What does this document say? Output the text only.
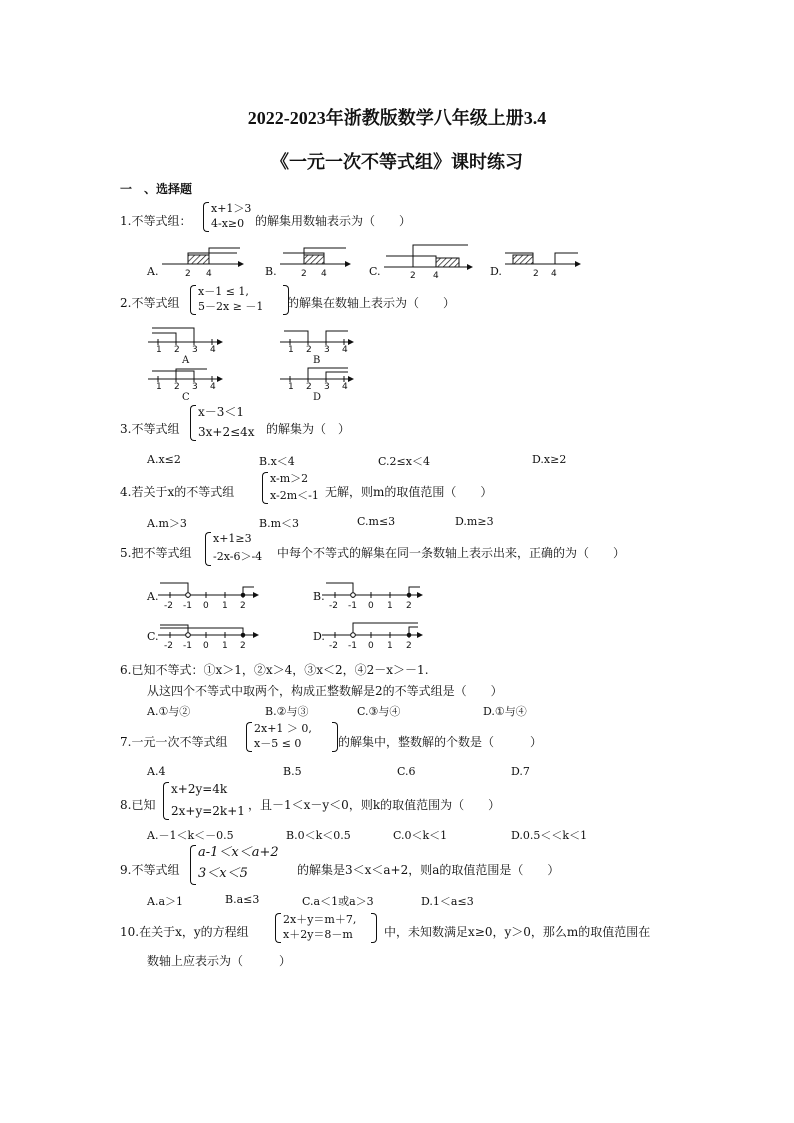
2022-2023年浙教版数学八年级上册3.4
《一元一次不等式组》课时练习
一　、选择题
1.不等式组：
x+1＞3
4-x≥0 的解集用数轴表示为（　　）
A.	B.	C.	D.
2 4	2 4	2 4	2 4
2.不等式组
x－1 ≤ 1,
5－2x ≥ －1 的解集在数轴上表示为（　　）
1 2 3 4
A
1 2 3 4
B
1 2 3 4
C
1 2 3 4
D
3.不等式组
x－3＜1
3x+2≤4x 的解集为（　）
A.x≤2	B.x＜4	C.2≤x＜4	D.x≥2
4.若关于x的不等式组
x-m＞2
x-2m＜-1 无解，则m的取值范围（　　）
A.m＞3	B.m＜3	C.m≤3	D.m≥3
5.把不等式组
x+1≥3
-2x-6＞-4 中每个不等式的解集在同一条数轴上表示出来，正确的为（　　）
A.	B.
C.	D.
-2 -1 0 1 2	-2 -1 0 1 2
-2 -1 0 1 2	-2 -1 0 1 2
6.已知不等式：①x＞1，②x＞4，③x＜2，④2－x＞－1.
从这四个不等式中取两个，构成正整数解是2的不等式组是（　　）
A.①与②	B.②与③	C.③与④	D.①与④
7.一元一次不等式组
2x+1 ＞ 0,
x－5 ≤ 0	的解集中，整数解的个数是（　　　）
A.4	B.5	C.6	D.7
8.已知
x+2y=4k
2x+y=2k+1 ，且－1＜x－y＜0，则k的取值范围为（　　）
A.－1＜k＜－0.5	B.0＜k＜0.5	C.0＜k＜1	D.0.5＜＜k＜1
9.不等式组
a-1＜x＜a+2
3＜x＜5	的解集是3＜x＜a+2，则a的取值范围是（　　）
A.a＞1	B.a≤3	C.a＜1或a＞3	D.1＜a≤3
10.在关于x，y的方程组
2x＋y＝m＋7,
x＋2y＝8－m	中，未知数满足x≥0，y＞0，那么m的取值范围在
数轴上应表示为（　　　）
